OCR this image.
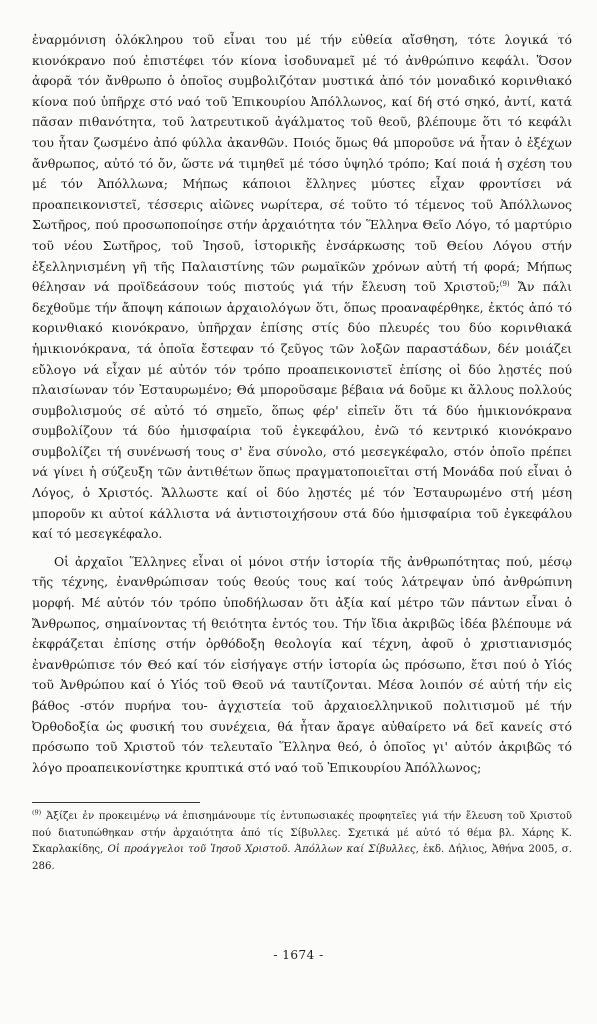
ἐναρμόνιση ὁλόκληρου τοῦ εἶναι του μέ τήν εὐθεία αἴσθηση, τότε λογικά τό κιονόκρανο πού ἐπιστέφει τόν κίονα ἰσοδυναμεῖ μέ τό ἀνθρώπινο κεφάλι. Ὅσον ἀφορᾶ τόν ἄνθρωπο ὁ ὁποῖος συμβολιζόταν μυστικά ἀπό τόν μοναδικό κορινθιακό κίονα πού ὑπῆρχε στό ναό τοῦ Ἐπικουρίου Ἀπόλλωνος, καί δή στό σηκό, ἀντί, κατά πᾶσαν πιθανότητα, τοῦ λατρευτικοῦ ἀγάλματος τοῦ θεοῦ, βλέπουμε ὅτι τό κεφάλι του ἦταν ζωσμένο ἀπό φύλλα ἀκανθῶν. Ποιός ὅμως θά μποροῦσε νά ἦταν ὁ ἐξέχων ἄνθρωπος, αὐτό τό ὄν, ὥστε νά τιμηθεῖ μέ τόσο ὑψηλό τρόπο; Καί ποιά ἡ σχέση του μέ τόν Ἀπόλλωνα; Μήπως κάποιοι ἕλληνες μύστες εἶχαν φροντίσει νά προαπεικονιστεῖ, τέσσερις αἰῶνες νωρίτερα, σέ τοῦτο τό τέμενος τοῦ Ἀπόλλωνος Σωτῆρος, πού προσωποποίησε στήν ἀρχαιότητα τόν Ἕλληνα Θεῖο Λόγο, τό μαρτύριο τοῦ νέου Σωτῆρος, τοῦ Ἰησοῦ, ἱστορικῆς ἐνσάρκωσης τοῦ Θείου Λόγου στήν ἐξελληνισμένη γῆ τῆς Παλαιστίνης τῶν ρωμαϊκῶν χρόνων αὐτή τή φορά; Μήπως θέλησαν νά προϊδεάσουν τούς πιστούς γιά τήν ἔλευση τοῦ Χριστοῦ;$^{(9)}$ Ἄν πάλι δεχθοῦμε τήν ἄποψη κάποιων ἀρχαιολόγων ὅτι, ὅπως προαναφέρθηκε, ἐκτός ἀπό τό κορινθιακό κιονόκρανο, ὑπῆρχαν ἐπίσης στίς δύο πλευρές του δύο κορινθιακά ἡμικιονόκρανα, τά ὁποῖα ἔστεφαν τό ζεῦγος τῶν λοξῶν παραστάδων, δέν μοιάζει εὔλογο νά εἶχαν μέ αὐτόν τόν τρόπο προαπεικονιστεῖ ἐπίσης οἱ δύο λῃστές πού πλαισίωναν τόν Ἐσταυρωμένο; Θά μποροῦσαμε βέβαια νά δοῦμε κι ἄλλους πολλούς συμβολισμούς σέ αὐτό τό σημεῖο, ὅπως φέρ' εἰπεῖν ὅτι τά δύο ἡμικιονόκρανα συμβολίζουν τά δύο ἡμισφαίρια τοῦ ἐγκεφάλου, ἐνῶ τό κεντρικό κιονόκρανο συμβολίζει τή συνένωσή τους σ' ἕνα σύνολο, στό μεσεγκέφαλο, στόν ὁποῖο πρέπει νά γίνει ἡ σύζευξη τῶν ἀντιθέτων ὅπως πραγματοποιεῖται στή Μονάδα πού εἶναι ὁ Λόγος, ὁ Χριστός. Ἄλλωστε καί οἱ δύο λῃστές μέ τόν Ἐσταυρωμένο στή μέση μποροῦν κι αὐτοί κάλλιστα νά ἀντιστοιχήσουν στά δύο ἡμισφαίρια τοῦ ἐγκεφάλου καί τό μεσεγκέφαλο.

Οἱ ἀρχαῖοι Ἕλληνες εἶναι οἱ μόνοι στήν ἱστορία τῆς ἀνθρωπότητας πού, μέσῳ τῆς τέχνης, ἐνανθρώπισαν τούς θεούς τους καί τούς λάτρεψαν ὑπό ἀνθρώπινη μορφή. Μέ αὐτόν τόν τρόπο ὑποδήλωσαν ὅτι ἀξία καί μέτρο τῶν πάντων εἶναι ὁ Ἄνθρωπος, σημαίνοντας τή θειότητα ἐντός του. Τήν ἴδια ἀκριβῶς ἰδέα βλέπουμε νά ἐκφράζεται ἐπίσης στήν ὀρθόδοξη θεολογία καί τέχνη, ἀφοῦ ὁ χριστιανισμός ἐνανθρώπισε τόν Θεό καί τόν εἰσήγαγε στήν ἱστορία ὡς πρόσωπο, ἔτσι πού ὁ Υἱός τοῦ Ἀνθρώπου καί ὁ Υἱός τοῦ Θεοῦ νά ταυτίζονται. Μέσα λοιπόν σέ αὐτή τήν εἰς βάθος -στόν πυρήνα του- ἀγχιστεία τοῦ ἀρχαιοελληνικοῦ πολιτισμοῦ μέ τήν Ὀρθοδοξία ὡς φυσική του συνέχεια, θά ἦταν ἄραγε αὐθαίρετο νά δεῖ κανείς στό πρόσωπο τοῦ Χριστοῦ τόν τελευταῖο Ἕλληνα θεό, ὁ ὁποῖος γι' αὐτόν ἀκριβῶς τό λόγο προαπεικονίστηκε κρυπτικά στό ναό τοῦ Ἐπικουρίου Ἀπόλλωνος;

$^{(9)}$ Ἀξίζει ἐν προκειμένῳ νά ἐπισημάνουμε τίς ἐντυπωσιακές προφητεῖες γιά τήν ἔλευση τοῦ Χριστοῦ πού διατυπώθηκαν στήν ἀρχαιότητα ἀπό τίς Σίβυλλες. Σχετικά μέ αὐτό τό θέμα βλ. Χάρης Κ. Σκαρλακίδης, Οἱ προάγγελοι τοῦ Ἰησοῦ Χριστοῦ. Ἀπόλλων καί Σίβυλλες, ἐκδ. Δήλιος, Ἀθήνα 2005, σ. 286.

- 1674 -
